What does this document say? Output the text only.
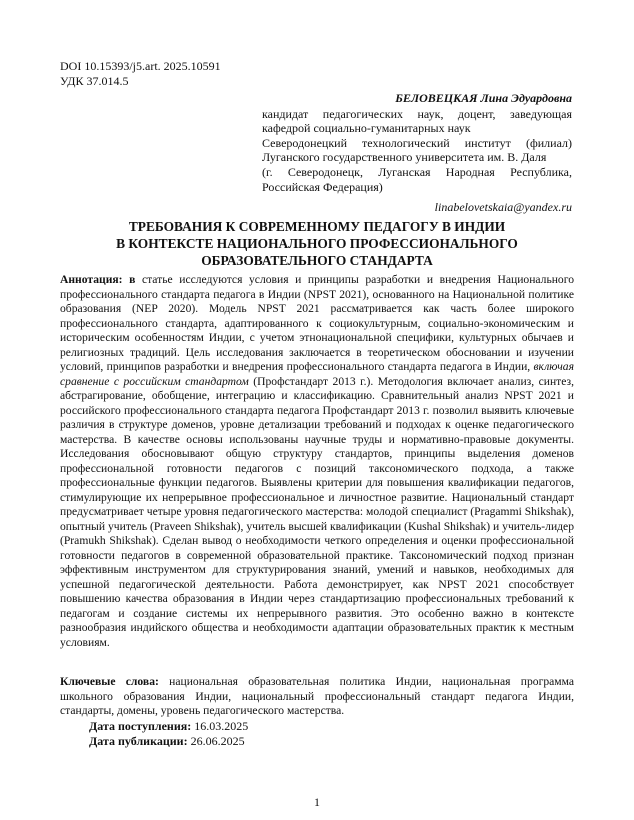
DOI 10.15393/j5.art. 2025.10591
УДК 37.014.5
БЕЛОВЕЦКАЯ Лина Эдуардовна
кандидат педагогических наук, доцент, заведующая кафедрой социально-гуманитарных наук
Северодонецкий технологический институт (филиал) Луганского государственного университета им. В. Даля
(г. Северодонецк, Луганская Народная Республика, Российская Федерация)
linabelovetskaia@yandex.ru
ТРЕБОВАНИЯ К СОВРЕМЕННОМУ ПЕДАГОГУ В ИНДИИ
В КОНТЕКСТЕ НАЦИОНАЛЬНОГО ПРОФЕССИОНАЛЬНОГО
ОБРАЗОВАТЕЛЬНОГО СТАНДАРТА
Аннотация: в статье исследуются условия и принципы разработки и внедрения Национального профессионального стандарта педагога в Индии (NPST 2021), основанного на Национальной политике образования (NEP 2020). Модель NPST 2021 рассматривается как часть более широкого профессионального стандарта, адаптированного к социокультурным, социально-экономическим и историческим особенностям Индии, с учетом этнонациональной специфики, культурных обычаев и религиозных традиций. Цель исследования заключается в теоретическом обосновании и изучении условий, принципов разработки и внедрения профессионального стандарта педагога в Индии, включая сравнение с российским стандартом (Профстандарт 2013 г.). Методология включает анализ, синтез, абстрагирование, обобщение, интеграцию и классификацию. Сравнительный анализ NPST 2021 и российского профессионального стандарта педагога Профстандарт 2013 г. позволил выявить ключевые различия в структуре доменов, уровне детализации требований и подходах к оценке педагогического мастерства. В качестве основы использованы научные труды и нормативно-правовые документы. Исследования обосновывают общую структуру стандартов, принципы выделения доменов профессиональной готовности педагогов с позиций таксономического подхода, а также профессиональные функции педагогов. Выявлены критерии для повышения квалификации педагогов, стимулирующие их непрерывное профессиональное и личностное развитие. Национальный стандарт предусматривает четыре уровня педагогического мастерства: молодой специалист (Pragammi Shikshak), опытный учитель (Praveen Shikshak), учитель высшей квалификации (Kushal Shikshak) и учитель-лидер (Pramukh Shikshak). Сделан вывод о необходимости четкого определения и оценки профессиональной готовности педагогов в современной образовательной практике. Таксономический подход признан эффективным инструментом для структурирования знаний, умений и навыков, необходимых для успешной педагогической деятельности. Работа демонстрирует, как NPST 2021 способствует повышению качества образования в Индии через стандартизацию профессиональных требований к педагогам и создание системы их непрерывного развития. Это особенно важно в контексте разнообразия индийского общества и необходимости адаптации образовательных практик к местным условиям.
Ключевые слова: национальная образовательная политика Индии, национальная программа школьного образования Индии, национальный профессиональный стандарт педагога Индии, стандарты, домены, уровень педагогического мастерства.
Дата поступления: 16.03.2025
Дата публикации: 26.06.2025
1
